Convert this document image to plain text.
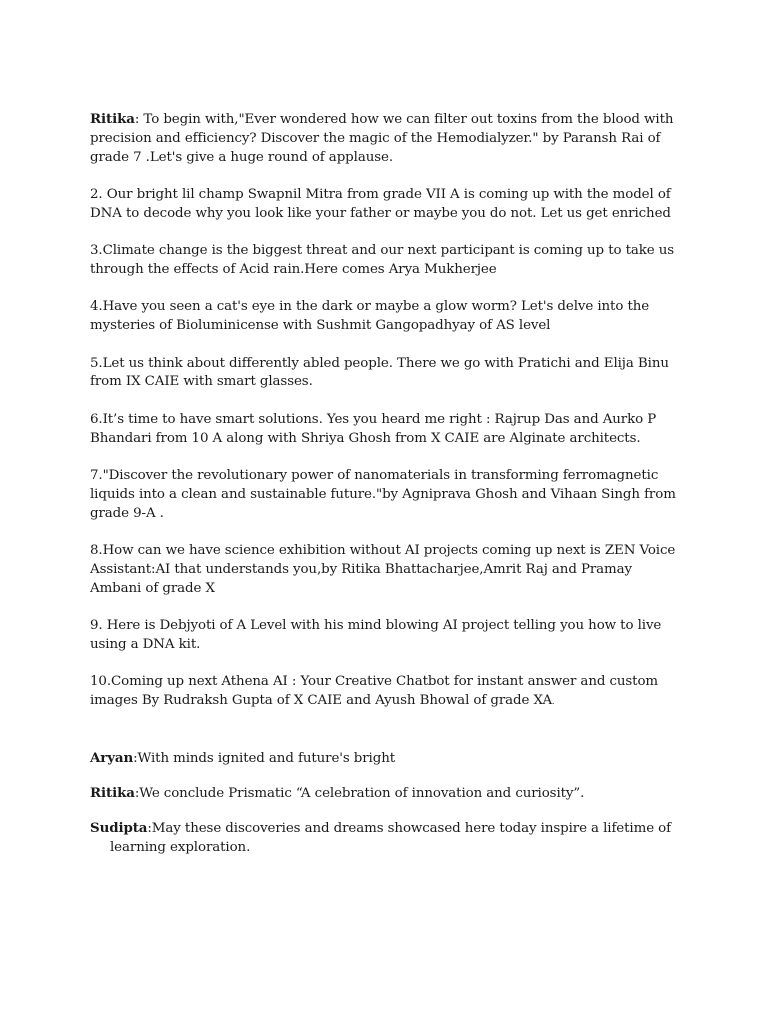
Ritika: To begin with,"Ever wondered how we can filter out toxins from the blood with precision and efficiency? Discover the magic of the Hemodialyzer." by Paransh Rai of grade 7 .Let's give a huge round of applause.

2. Our bright lil champ Swapnil Mitra from grade VII A is coming up with the model of DNA to decode why you look like your father or maybe you do not. Let us get enriched

3.Climate change is the biggest threat and our next participant is coming up to take us through the effects of Acid rain.Here comes Arya Mukherjee

4.Have you seen a cat's eye in the dark or maybe a glow worm? Let's delve into the mysteries of Bioluminicense with Sushmit Gangopadhyay of AS level

5.Let us think about differently abled people. There we go with Pratichi and Elija Binu from IX CAIE with smart glasses.

6.It’s time to have smart solutions. Yes you heard me right : Rajrup Das and Aurko P Bhandari from 10 A along with Shriya Ghosh from X CAIE are Alginate architects.

7."Discover the revolutionary power of nanomaterials in transforming ferromagnetic liquids into a clean and sustainable future."by Agniprava Ghosh and Vihaan Singh from grade 9-A .

8.How can we have science exhibition without AI projects coming up next is ZEN Voice Assistant:AI that understands you,by Ritika Bhattacharjee,Amrit Raj and Pramay Ambani of grade X

9. Here is Debjyoti of A Level with his mind blowing AI project telling you how to live using a DNA kit.

10.Coming up next Athena AI : Your Creative Chatbot for instant answer and custom images By Rudraksh Gupta of X CAIE and Ayush Bhowal of grade XA.

Aryan:With minds ignited and future's bright

Ritika:We conclude Prismatic “A celebration of innovation and curiosity”.

Sudipta:May these discoveries and dreams showcased here today inspire a lifetime of learning exploration.
